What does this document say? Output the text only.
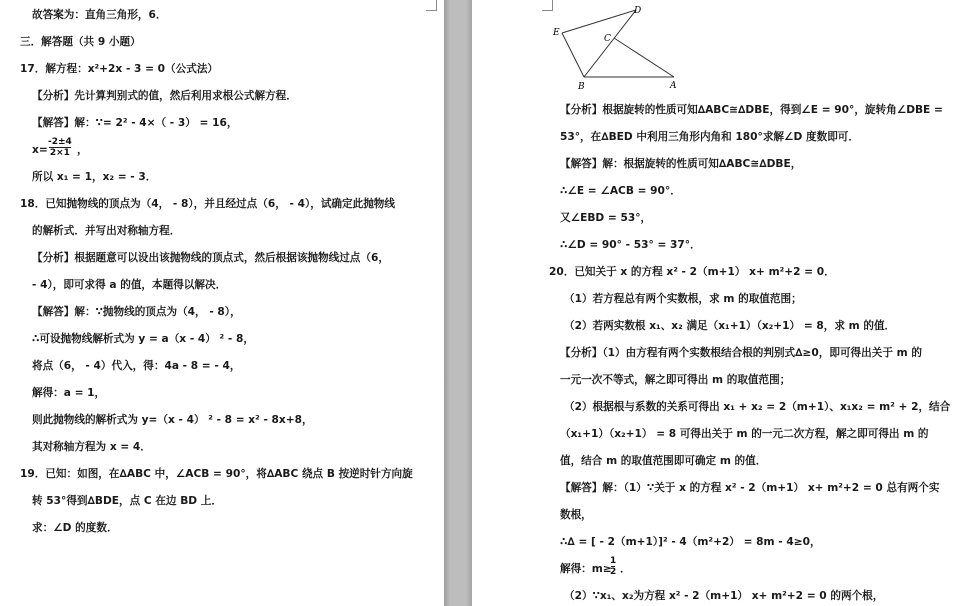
故答案为：直角三角形，6．
三．解答题（共 9 小题）
17．解方程：x²+2x - 3 = 0（公式法）
【分析】先计算判别式的值，然后利用求根公式解方程．
【解答】解：∵= 2² - 4×（ - 3） = 16，
x=
-2±4
2×1 ，
所以 x₁ = 1，x₂ = - 3．
18．已知抛物线的顶点为（4， - 8），并且经过点（6， - 4），试确定此抛物线
的解析式．并写出对称轴方程．
【分析】根据题意可以设出该抛物线的顶点式，然后根据该抛物线过点（6，
- 4），即可求得 a 的值，本题得以解决．
【解答】解：∵抛物线的顶点为（4， - 8），
∴可设抛物线解析式为 y = a（x - 4） ² - 8，
将点（6， - 4）代入，得：4a - 8 = - 4，
解得：a = 1，
则此抛物线的解析式为 y=（x - 4） ² - 8 = x² - 8x+8，
其对称轴方程为 x = 4．
19．已知：如图，在∆ABC 中，∠ACB = 90°，将∆ABC 绕点 B 按逆时针方向旋
转 53°得到∆BDE，点 C 在边 BD 上．
求：∠D 的度数．
D
E
C
B	A
【分析】根据旋转的性质可知∆ABC≅∆DBE，得到∠E = 90°，旋转角∠DBE =
53°，在∆BED 中利用三角形内角和 180°求解∠D 度数即可．
【解答】解：根据旋转的性质可知∆ABC≅∆DBE，
∴∠E = ∠ACB = 90°．
又∠EBD = 53°，
∴∠D = 90° - 53° = 37°．
20．已知关于 x 的方程 x² - 2（m+1） x+ m²+2 = 0．
（1）若方程总有两个实数根，求 m 的取值范围；
（2）若两实数根 x₁、x₂ 满足（x₁+1）（x₂+1） = 8，求 m 的值．
【分析】（1）由方程有两个实数根结合根的判别式∆≥0，即可得出关于 m 的
一元一次不等式，解之即可得出 m 的取值范围；
（2）根据根与系数的关系可得出 x₁ + x₂ = 2（m+1）、x₁x₂ = m² + 2，结合
（x₁+1）（x₂+1） = 8 可得出关于 m 的一元二次方程，解之即可得出 m 的
值，结合 m 的取值范围即可确定 m 的值．
【解答】解：（1）∵关于 x 的方程 x² - 2（m+1） x+ m²+2 = 0 总有两个实
数根，
∴∆ = [ - 2（m+1）]² - 4（m²+2） = 8m - 4≥0，
解得：m≥
1
2 ．
（2）∵x₁、x₂为方程 x² - 2（m+1） x+ m²+2 = 0 的两个根，
